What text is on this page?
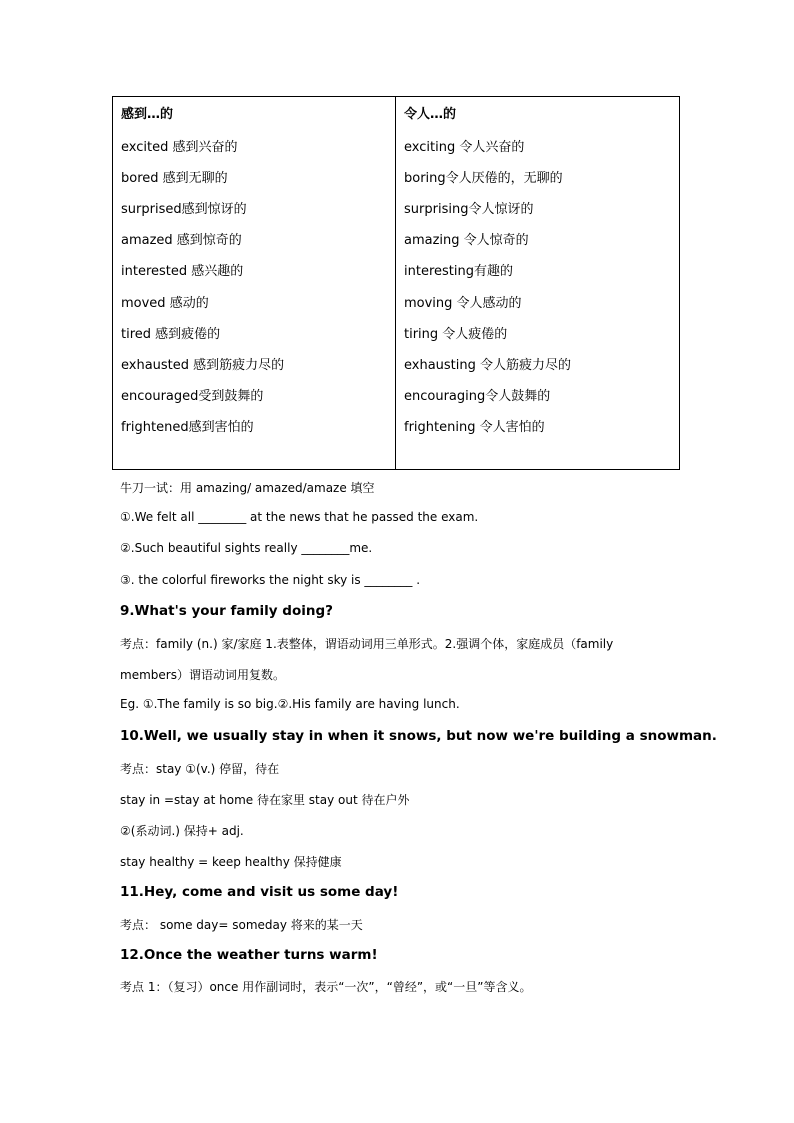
感到…的
excited 感到兴奋的
bored 感到无聊的
surprised感到惊讶的
amazed 感到惊奇的
interested 感兴趣的
moved 感动的
tired 感到疲倦的
exhausted 感到筋疲力尽的
encouraged受到鼓舞的
frightened感到害怕的
令人…的
exciting 令人兴奋的
boring令人厌倦的，无聊的
surprising令人惊讶的
amazing 令人惊奇的
interesting有趣的
moving 令人感动的
tiring 令人疲倦的
exhausting 令人筋疲力尽的
encouraging令人鼓舞的
frightening 令人害怕的
牛刀一试：用 amazing/ amazed/amaze 填空
①.We felt all ________ at the news that he passed the exam.
②.Such beautiful sights really ________me.
③. the colorful fireworks the night sky is ________ .
9.What's your family doing?
考点：family (n.) 家/家庭 1.表整体，谓语动词用三单形式。2.强调个体，家庭成员（family
members）谓语动词用复数。
Eg. ①.The family is so big.②.His family are having lunch.
10.Well, we usually stay in when it snows, but now we're building a snowman.
考点：stay ①(v.) 停留，待在
stay in =stay at home 待在家里 stay out 待在户外
②(系动词.) 保持+ adj.
stay healthy = keep healthy 保持健康
11.Hey, come and visit us some day!
考点： some day= someday 将来的某一天
12.Once the weather turns warm!
考点 1：（复习）once 用作副词时，表示“一次”，“曾经”，或“一旦”等含义。
